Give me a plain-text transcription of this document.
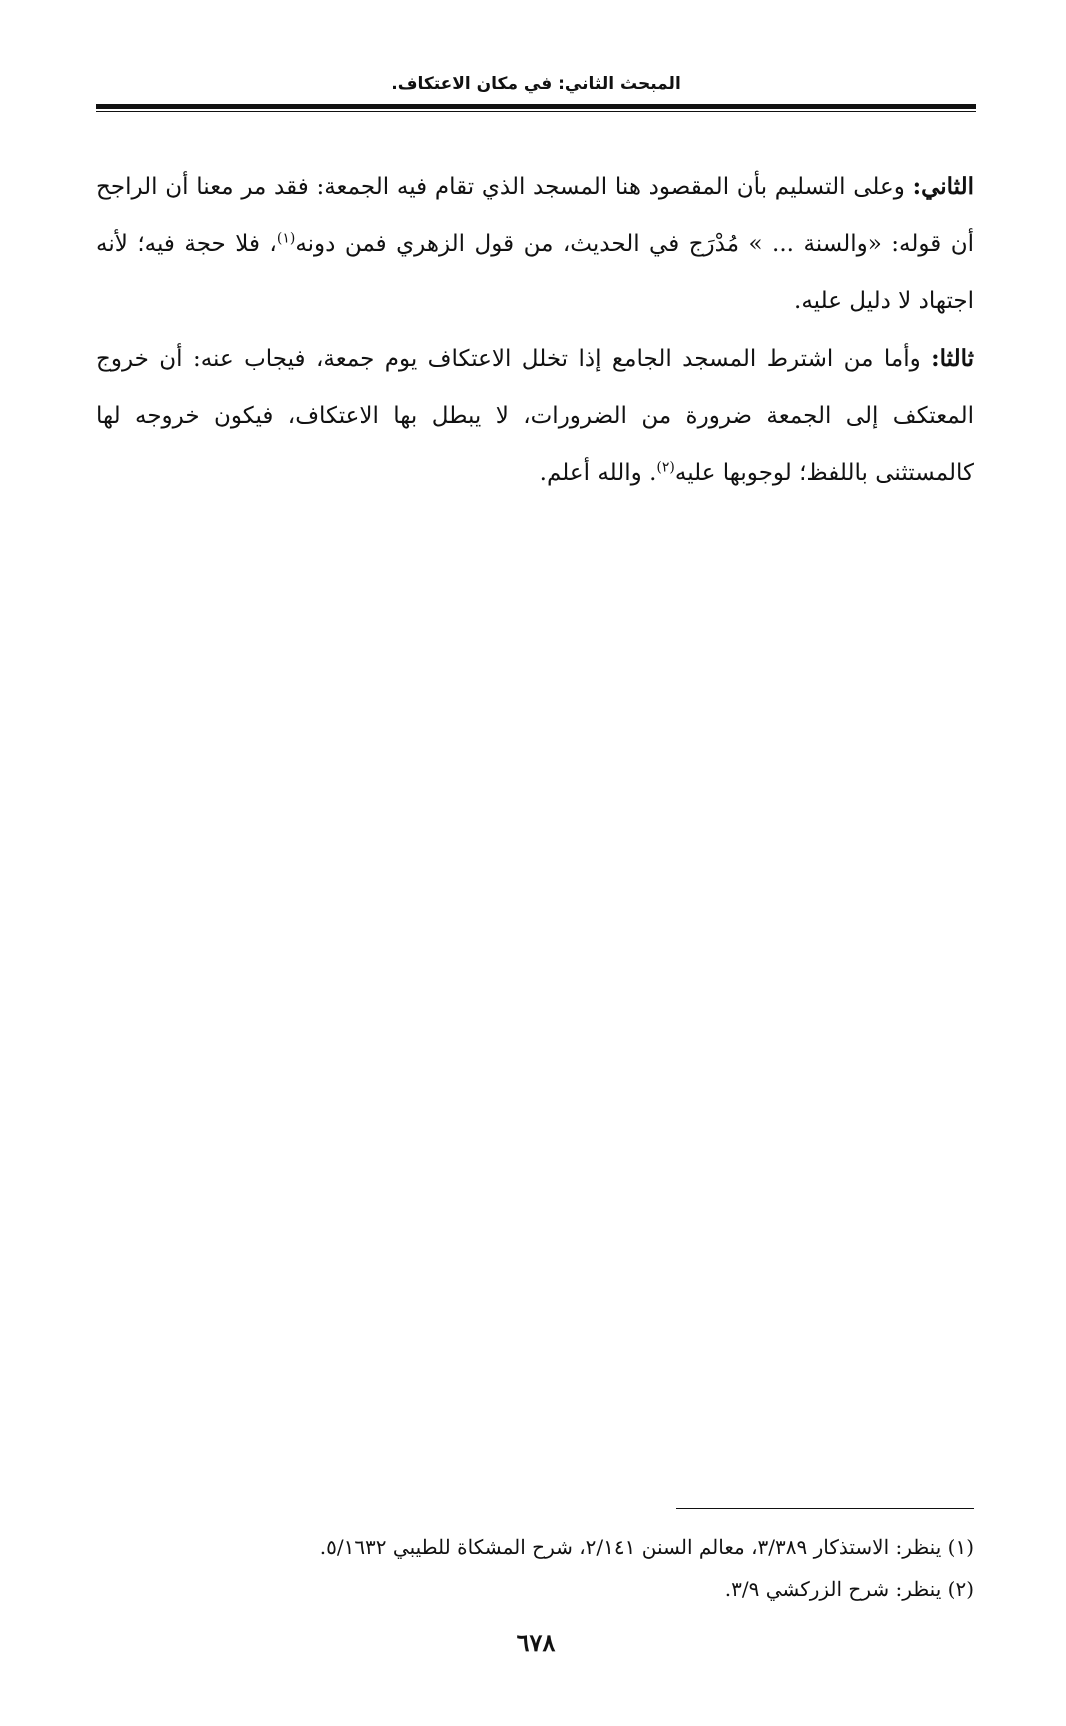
المبحث الثاني: في مكان الاعتكاف.

الثاني: وعلى التسليم بأن المقصود هنا المسجد الذي تقام فيه الجمعة: فقد مر معنا أن الراجح أن قوله: «والسنة ... » مُدْرَج في الحديث، من قول الزهري فمن دونه$^{(١)}$، فلا حجة فيه؛ لأنه اجتهاد لا دليل عليه.

ثالثا: وأما من اشترط المسجد الجامع إذا تخلل الاعتكاف يوم جمعة، فيجاب عنه: أن خروج المعتكف إلى الجمعة ضرورة من الضرورات، لا يبطل بها الاعتكاف، فيكون خروجه لها كالمستثنى باللفظ؛ لوجوبها عليه$^{(٢)}$. والله أعلم.

(١) ينظر: الاستذكار ٣/٣٨٩، معالم السنن ٢/١٤١، شرح المشكاة للطيبي ٥/١٦٣٢.

(٢) ينظر: شرح الزركشي ٣/٩.

٦٧٨
